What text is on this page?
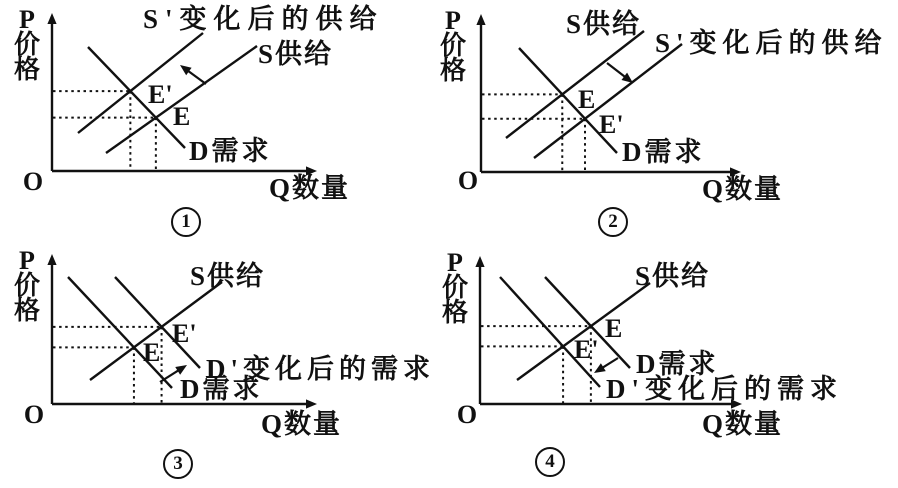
P
价
格
O	Q数量
D需求
S供给
S'变化后的供给
E'
E
P
价
格
O	Q数量
D需求
S供给
S'变化后的供给
E
E'
P
价
格
O	Q数量
D需求
D'变化后的需求
S供给
E'
E
P
价
格
O	Q数量
D需求
D'变化后的需求
S供给
E
E'
1	2
3	4
